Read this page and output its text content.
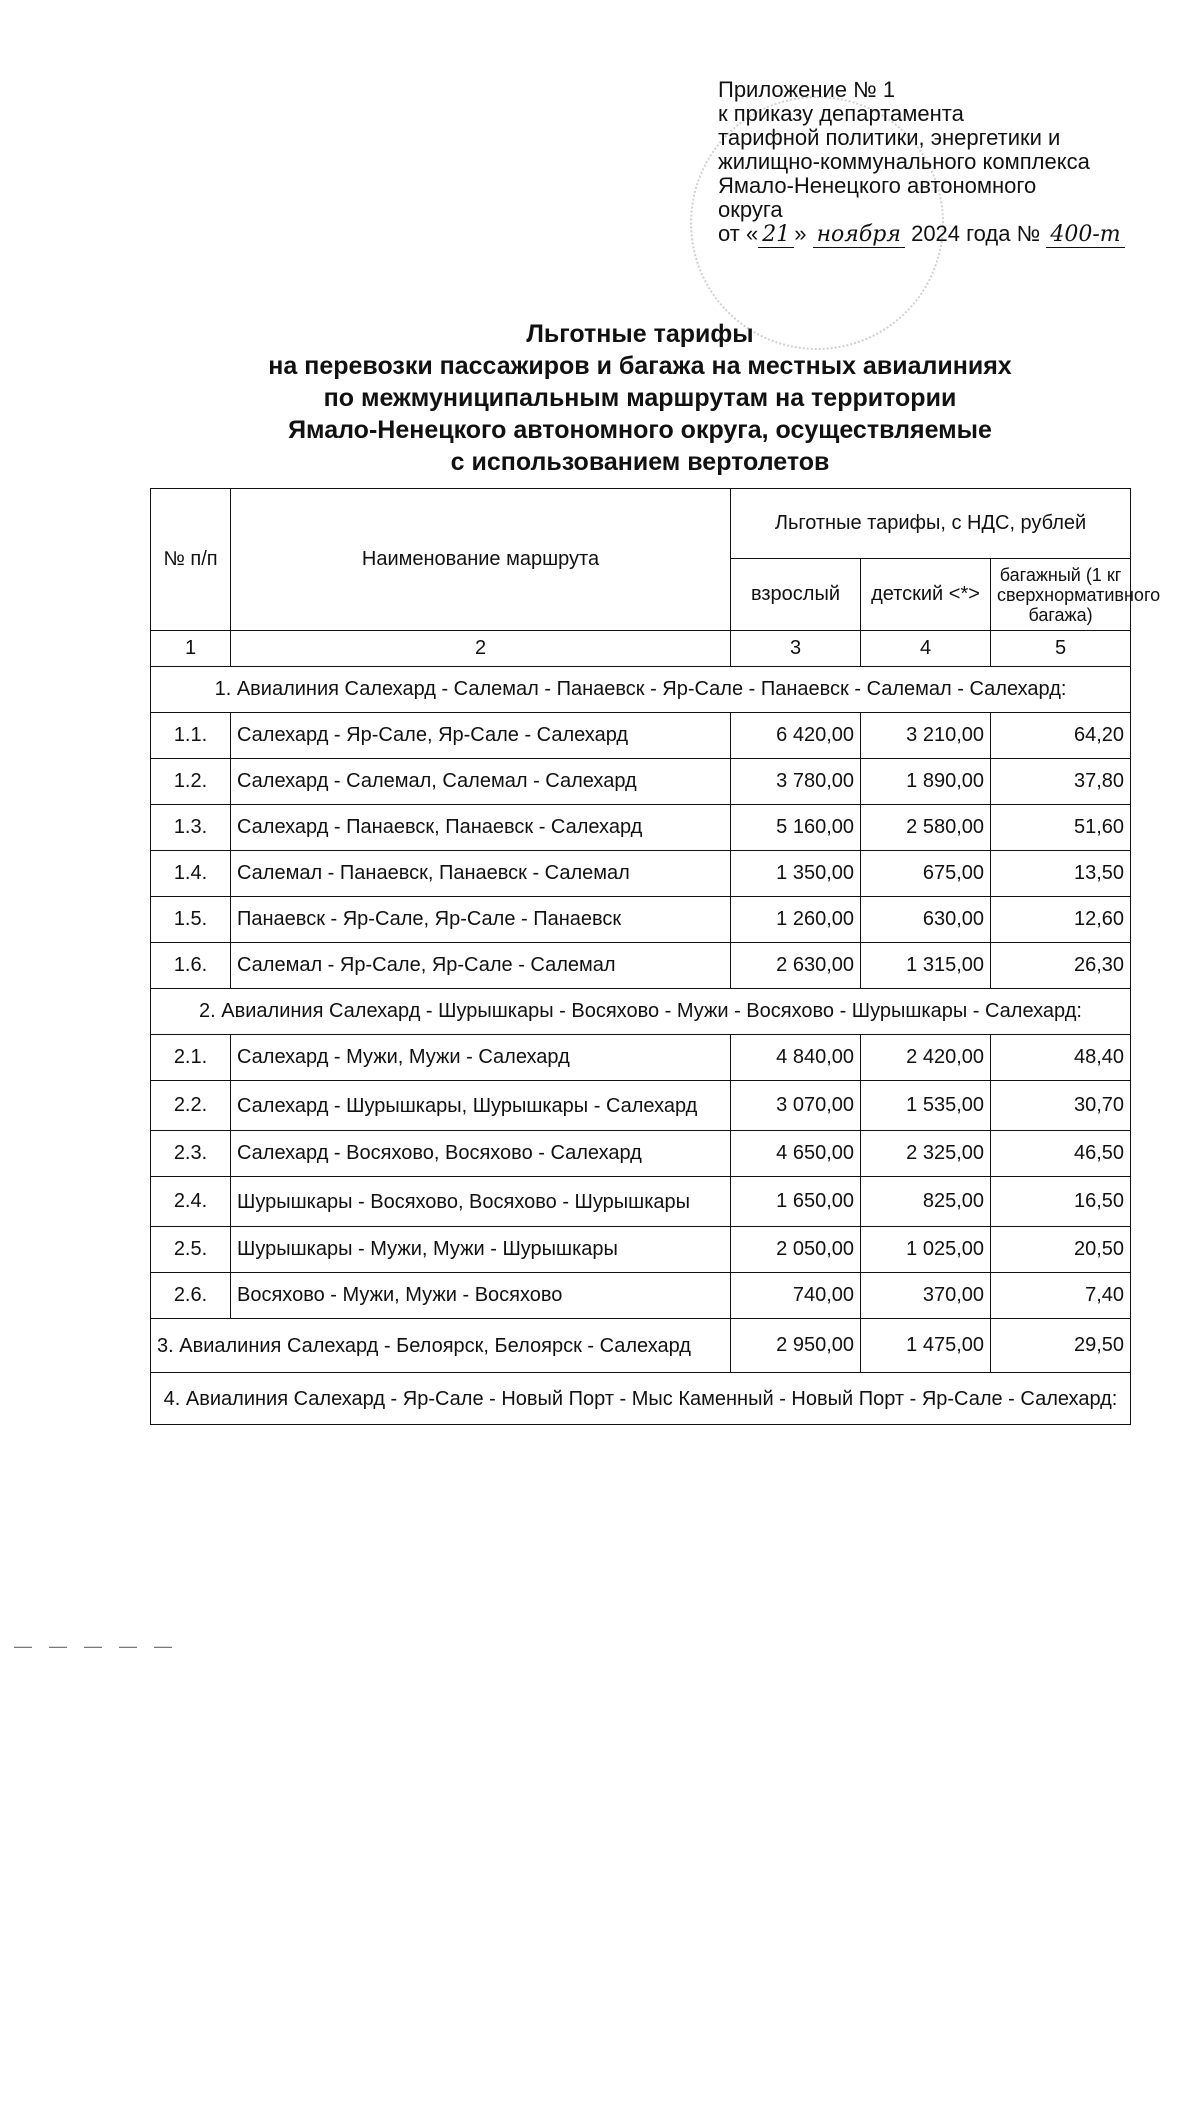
Приложение № 1
к приказу департамента
тарифной политики, энергетики и
жилищно-коммунального комплекса
Ямало-Ненецкого автономного
округа
от « 21 » ноября 2024 года № 400-т
Льготные тарифы
на перевозки пассажиров и багажа на местных авиалиниях
по межмуниципальным маршрутам на территории
Ямало-Ненецкого автономного округа, осуществляемые
с использованием вертолетов
№ п/п	Наименование маршрута	Льготные тарифы, с НДС, рублей		
		взрослый	детский <*>	багажный (1 кг сверхнормативного багажа)
1	2	3	4	5
1. Авиалиния Салехард - Салемал - Панаевск - Яр-Сале - Панаевск - Салемал - Салехард:				
1.1.	Салехард - Яр-Сале, Яр-Сале - Салехард	6 420,00	3 210,00	64,20
1.2.	Салехард - Салемал, Салемал - Салехард	3 780,00	1 890,00	37,80
1.3.	Салехард - Панаевск, Панаевск - Салехард	5 160,00	2 580,00	51,60
1.4.	Салемал - Панаевск, Панаевск - Салемал	1 350,00	675,00	13,50
1.5.	Панаевск - Яр-Сале, Яр-Сале - Панаевск	1 260,00	630,00	12,60
1.6.	Салемал - Яр-Сале, Яр-Сале - Салемал	2 630,00	1 315,00	26,30
2. Авиалиния Салехард - Шурышкары - Восяхово - Мужи - Восяхово - Шурышкары - Салехард:				
2.1.	Салехард - Мужи, Мужи - Салехард	4 840,00	2 420,00	48,40
2.2.	Салехард - Шурышкары, Шурышкары - Салехард	3 070,00	1 535,00	30,70
2.3.	Салехард - Восяхово, Восяхово - Салехард	4 650,00	2 325,00	46,50
2.4.	Шурышкары - Восяхово, Восяхово - Шурышкары	1 650,00	825,00	16,50
2.5.	Шурышкары - Мужи, Мужи - Шурышкары	2 050,00	1 025,00	20,50
2.6.	Восяхово - Мужи, Мужи - Восяхово	740,00	370,00	7,40
3. Авиалиния Салехард - Белоярск, Белоярск - Салехард		2 950,00	1 475,00	29,50
4. Авиалиния Салехард - Яр-Сале - Новый Порт - Мыс Каменный - Новый Порт - Яр-Сале - Салехард:				
— — — — —
